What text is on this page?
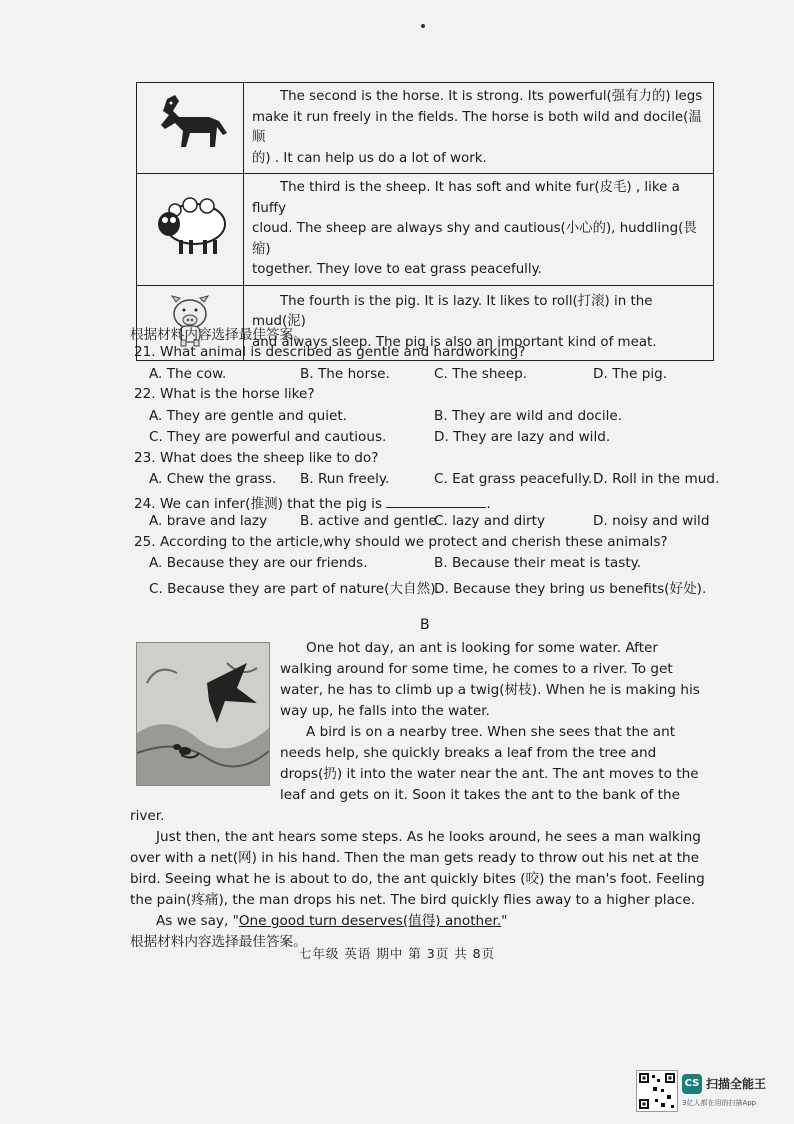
	The second is the horse. It is strong. Its powerful(强有力的) legs
make it run freely in the fields. The horse is both wild and docile(温顺
的) . It can help us do a lot of work.
	The third is the sheep. It has soft and white fur(皮毛) , like a fluffy
cloud. The sheep are always shy and cautious(小心的), huddling(畏缩)
together. They love to eat grass peacefully.
	The fourth is the pig. It is lazy. It likes to roll(打滚) in the mud(泥)
and always sleep. The pig is also an important kind of meat.
根据材料内容选择最佳答案。
21. What animal is described as gentle and hardworking?
A. The cow.	B. The horse.	C. The sheep.	D. The pig.
22. What is the horse like?
A. They are gentle and quiet.	B. They are wild and docile.
C. They are powerful and cautious.	D. They are lazy and wild.
23. What does the sheep like to do?
A. Chew the grass. B. Run freely.	C. Eat grass peacefully. D. Roll in the mud.
24. We can infer(推测) that the pig is	.
A. brave and lazy B. active and gentle
C. lazy and dirty	D. noisy and wild
25. According to the article,why should we protect and cherish these animals?
A. Because they are our friends.	B. Because their meat is tasty.
C. Because they are part of nature(大自然).
D. Because they bring us benefits(好处).
B

One hot day, an ant is looking for some water. After walking around for some time, he comes to a river. To get water, he has to climb up a twig(树枝). When he is making his way up, he falls into the water.

A bird is on a nearby tree. When she sees that the ant needs help, she quickly breaks a leaf from the tree and drops(扔) it into the water near the ant. The ant moves to the leaf and gets on it. Soon it takes the ant to the bank of the river.

Just then, the ant hears some steps. As he looks around, he sees a man walking over with a net(网) in his hand. Then the man gets ready to throw out his net at the bird. Seeing what he is about to do, the ant quickly bites (咬) the man's foot. Feeling the pain(疼痛), the man drops his net. The bird quickly flies away to a higher place.

As we say, "One good turn deserves(值得) another."

根据材料内容选择最佳答案。
七年级 英语 期中 第 3页 共 8页
CS 扫描全能王
3亿人都在用的扫描App
